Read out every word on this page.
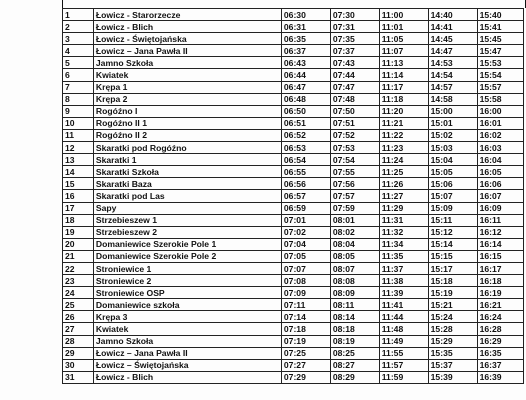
1	Łowicz - Starorzecze	06:30	07:30	11:00	14:40	15:40
2	Łowicz - Blich	06:31	07:31	11:01	14:41	15:41
3	Łowicz - Świętojańska	06:35	07:35	11:05	14:45	15:45
4	Łowicz – Jana Pawła II	06:37	07:37	11:07	14:47	15:47
5	Jamno Szkoła	06:43	07:43	11:13	14:53	15:53
6	Kwiatek	06:44	07:44	11:14	14:54	15:54
7	Krępa 1	06:47	07:47	11:17	14:57	15:57
8	Krępa 2	06:48	07:48	11:18	14:58	15:58
9	Rogóźno I	06:50	07:50	11:20	15:00	16:00
10	Rogóźno II 1	06:51	07:51	11:21	15:01	16:01
11	Rogóźno II 2	06:52	07:52	11:22	15:02	16:02
12	Skaratki pod Rogóźno	06:53	07:53	11:23	15:03	16:03
13	Skaratki 1	06:54	07:54	11:24	15:04	16:04
14	Skaratki Szkoła	06:55	07:55	11:25	15:05	16:05
15	Skaratki Baza	06:56	07:56	11:26	15:06	16:06
16	Skaratki pod Las	06:57	07:57	11:27	15:07	16:07
17	Sapy	06:59	07:59	11:29	15:09	16:09
18	Strzebieszew 1	07:01	08:01	11:31	15:11	16:11
19	Strzebieszew 2	07:02	08:02	11:32	15:12	16:12
20	Domaniewice Szerokie Pole 1	07:04	08:04	11:34	15:14	16:14
21	Domaniewice Szerokie Pole 2	07:05	08:05	11:35	15:15	16:15
22	Stroniewice 1	07:07	08:07	11:37	15:17	16:17
23	Stroniewice 2	07:08	08:08	11:38	15:18	16:18
24	Stroniewice OSP	07:09	08:09	11:39	15:19	16:19
25	Domaniewice szkoła	07:11	08:11	11:41	15:21	16:21
26	Krępa 3	07:14	08:14	11:44	15:24	16:24
27	Kwiatek	07:18	08:18	11:48	15:28	16:28
28	Jamno Szkoła	07:19	08:19	11:49	15:29	16:29
29	Łowicz – Jana Pawła II	07:25	08:25	11:55	15:35	16:35
30	Łowicz – Świętojańska	07:27	08:27	11:57	15:37	16:37
31	Łowicz - Blich	07:29	08:29	11:59	15:39	16:39
